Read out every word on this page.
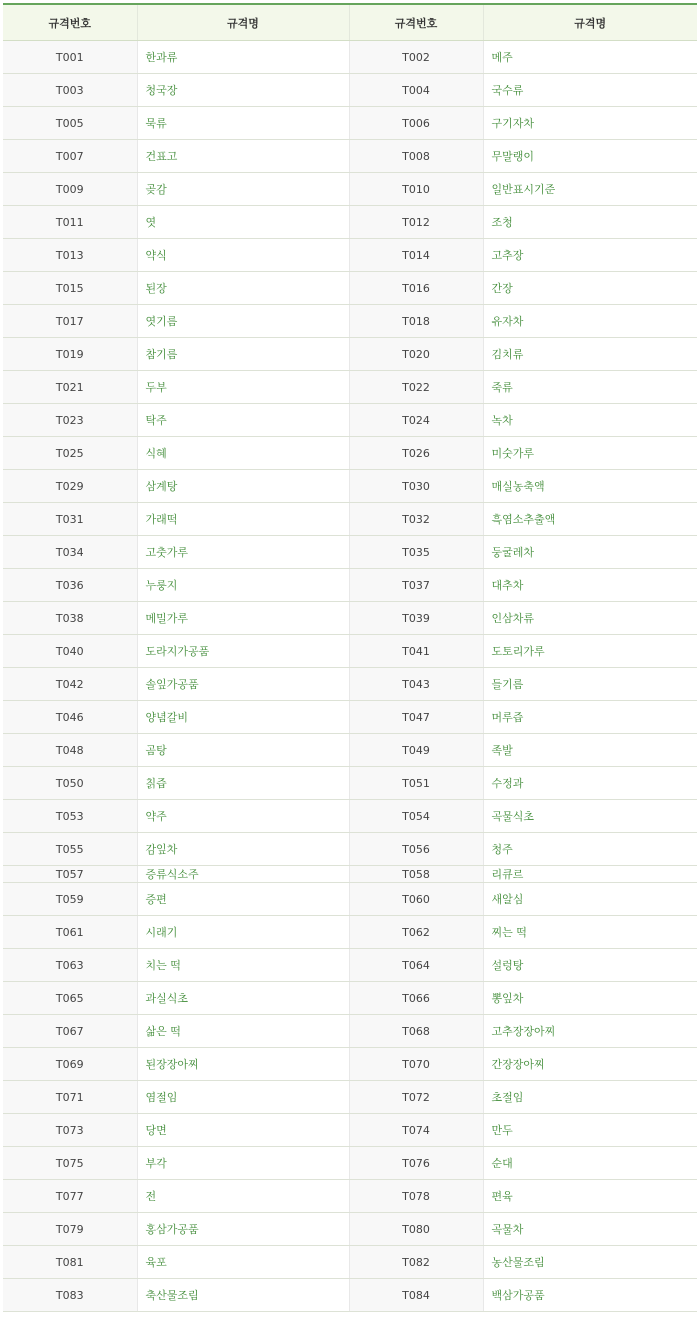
규격번호	규격명	규격번호	규격명
T001	한과류	T002	메주
T003	청국장	T004	국수류
T005	묵류	T006	구기자차
T007	건표고	T008	무말랭이
T009	곶감	T010	일반표시기준
T011	엿	T012	조청
T013	약식	T014	고추장
T015	된장	T016	간장
T017	엿기름	T018	유자차
T019	참기름	T020	김치류
T021	두부	T022	죽류
T023	탁주	T024	녹차
T025	식혜	T026	미숫가루
T029	삼계탕	T030	매실농축액
T031	가래떡	T032	흑염소추출액
T034	고춧가루	T035	둥굴레차
T036	누룽지	T037	대추차
T038	메밀가루	T039	인삼차류
T040	도라지가공품	T041	도토리가루
T042	솔잎가공품	T043	들기름
T046	양념갈비	T047	머루즙
T048	곰탕	T049	족발
T050	칡즙	T051	수정과
T053	약주	T054	곡물식초
T055	감잎차	T056	청주
T057	증류식소주	T058	리큐르
T059	증편	T060	새알심
T061	시래기	T062	찌는 떡
T063	치는 떡	T064	설렁탕
T065	과실식초	T066	뽕잎차
T067	삶은 떡	T068	고추장장아찌
T069	된장장아찌	T070	간장장아찌
T071	염절임	T072	초절임
T073	당면	T074	만두
T075	부각	T076	순대
T077	전	T078	편육
T079	홍삼가공품	T080	곡물차
T081	육포	T082	농산물조림
T083	축산물조림	T084	백삼가공품
